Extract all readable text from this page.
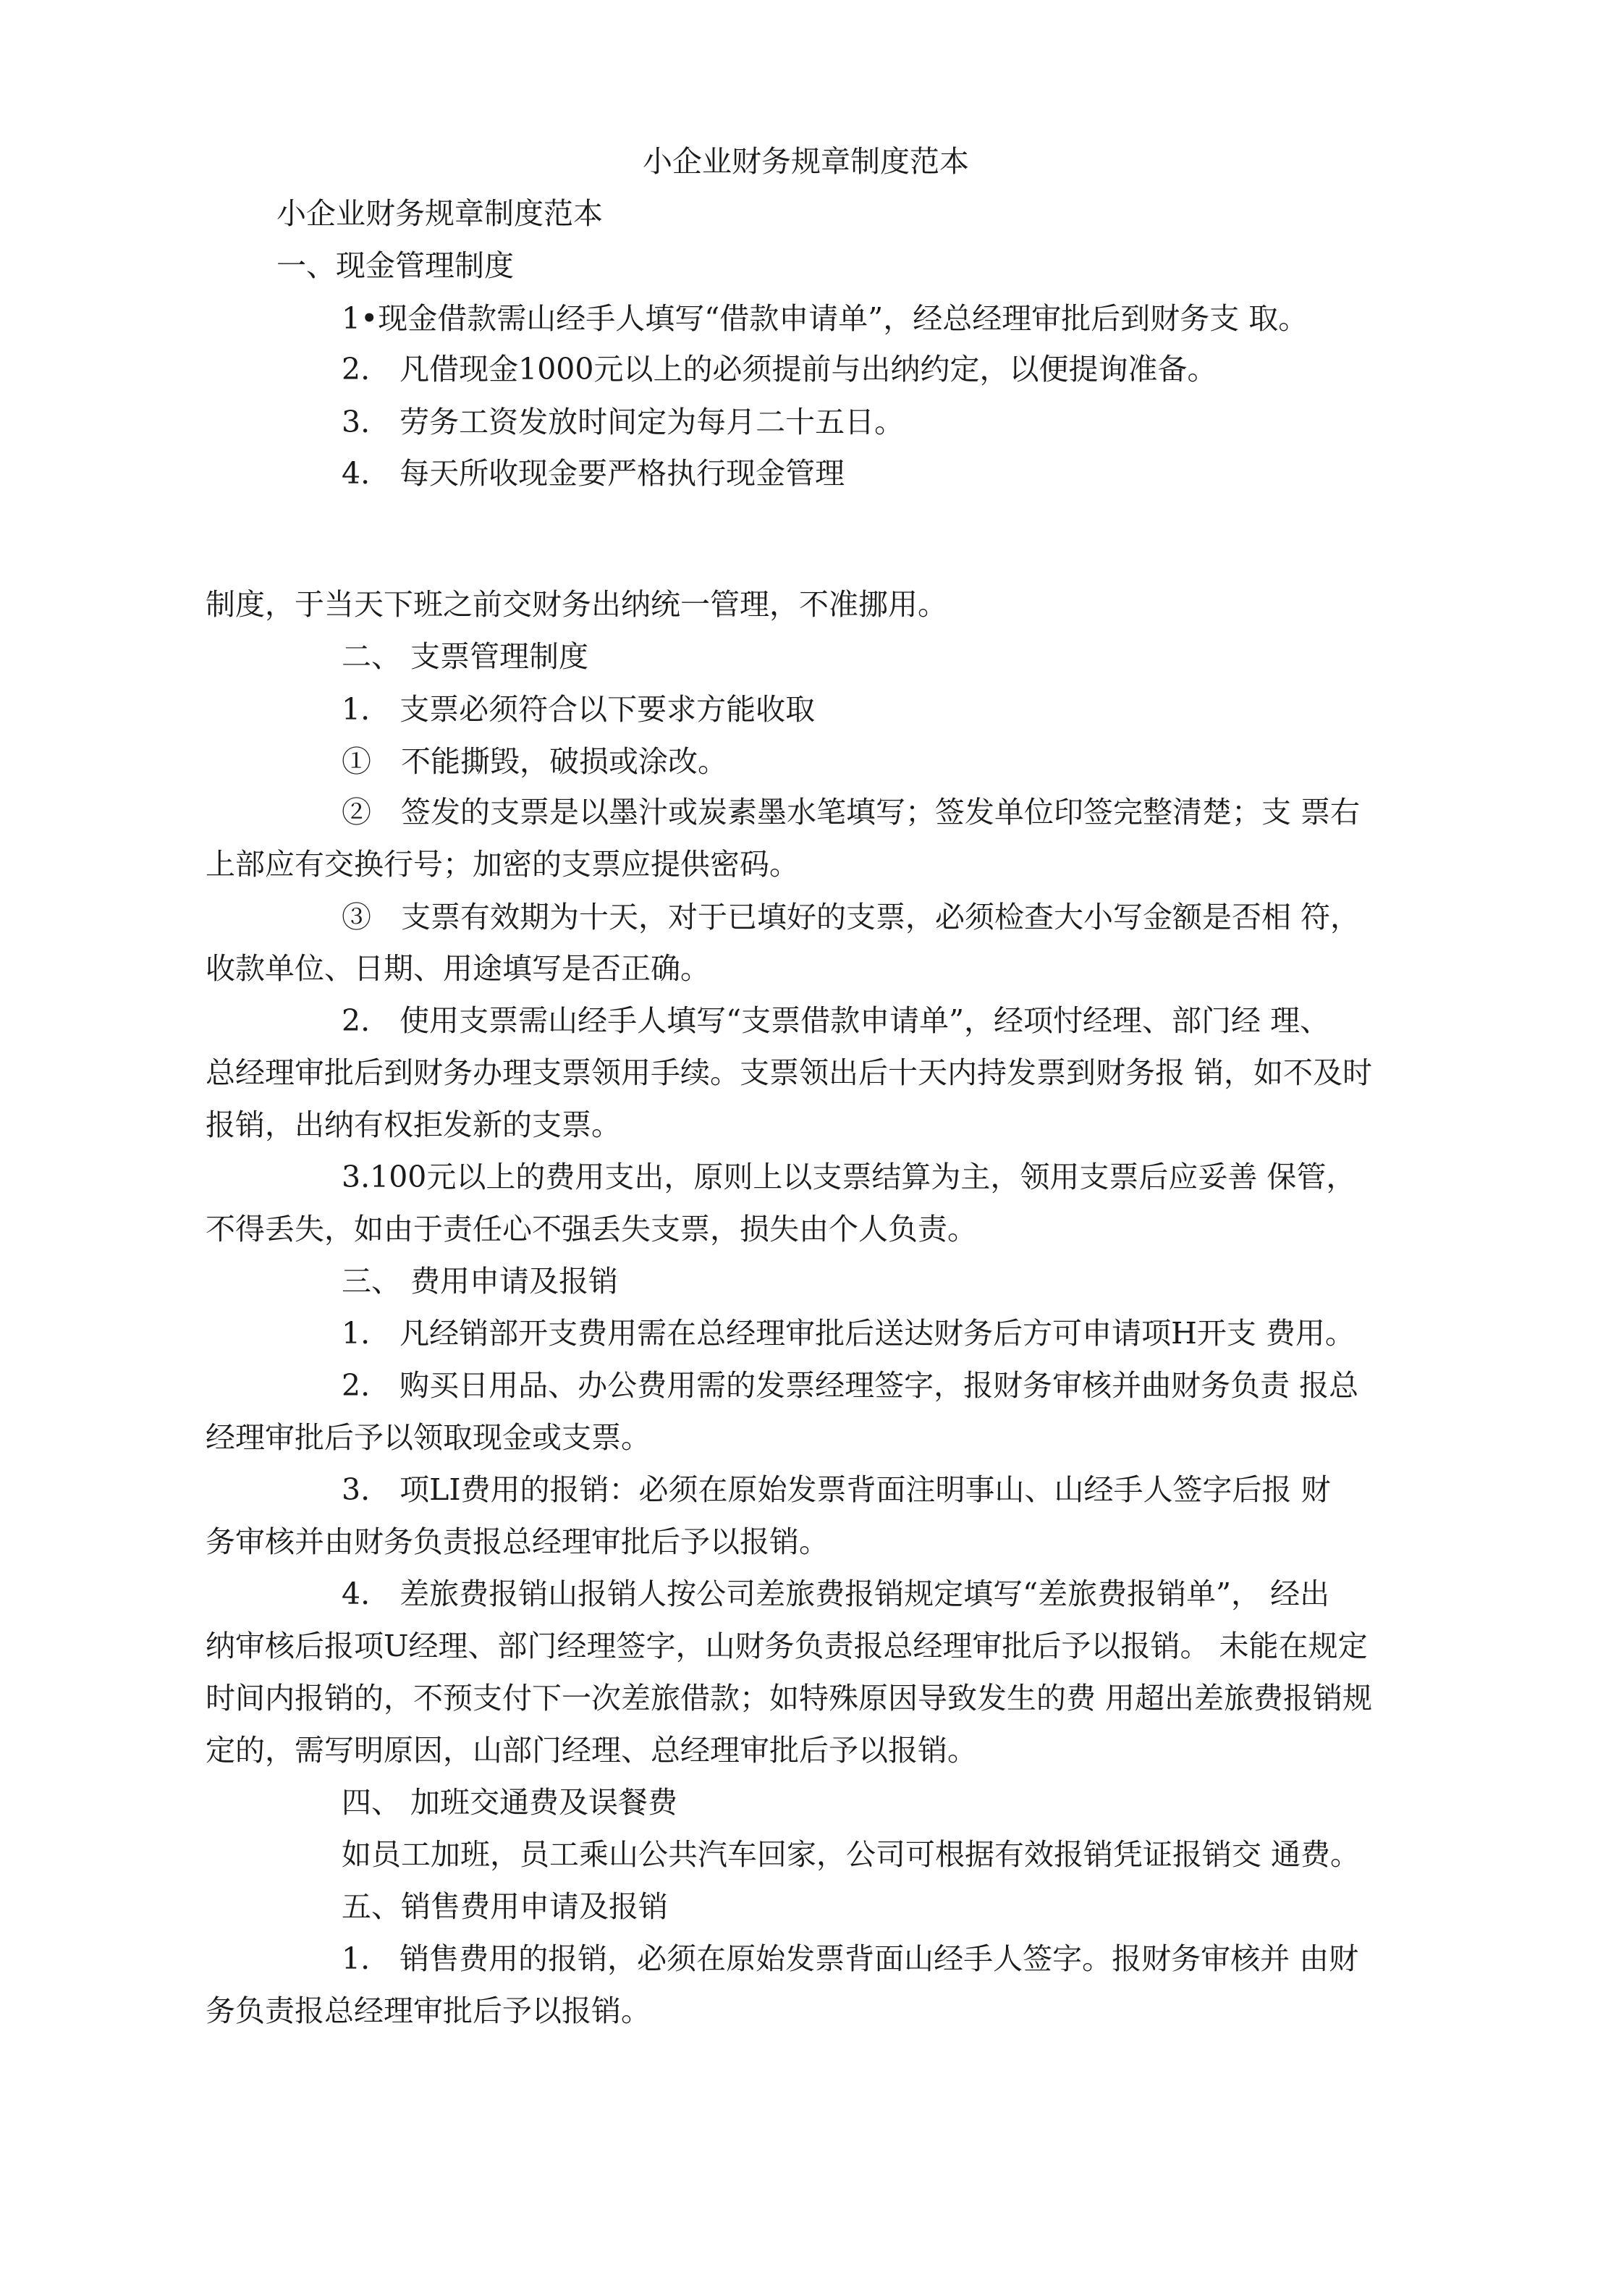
小企业财务规章制度范本
小企业财务规章制度范本
一、现金管理制度
1•现金借款需山经手人填写“借款申请单”，经总经理审批后到财务支 取。
2.　凡借现金1000元以上的必须提前与出纳约定，以便提询准备。
3.　劳务工资发放时间定为每月二十五日。
4.　每天所收现金要严格执行现金管理
制度，于当天下班之前交财务出纳统一管理，不准挪用。
二、 支票管理制度
1.　支票必须符合以下要求方能收取
①　不能撕毁，破损或涂改。
②　签发的支票是以墨汁或炭素墨水笔填写；签发单位印签完整清楚；支 票右
上部应有交换行号；加密的支票应提供密码。
③　支票有效期为十天，对于已填好的支票，必须检查大小写金额是否相 符，
收款单位、日期、用途填写是否正确。
2.　使用支票需山经手人填写“支票借款申请单”，经项忖经理、部门经 理、
总经理审批后到财务办理支票领用手续。支票领出后十天内持发票到财务报 销，如不及时
报销，出纳有权拒发新的支票。
3.100元以上的费用支出，原则上以支票结算为主，领用支票后应妥善 保管，
不得丢失，如由于责任心不强丢失支票，损失由个人负责。
三、 费用申请及报销
1.　凡经销部开支费用需在总经理审批后送达财务后方可申请项H开支 费用。
2.　购买日用品、办公费用需的发票经理签字，报财务审核并曲财务负责 报总
经理审批后予以领取现金或支票。
3.　项LI费用的报销：必须在原始发票背面注明事山、山经手人签字后报 财
务审核并由财务负责报总经理审批后予以报销。
4.　差旅费报销山报销人按公司差旅费报销规定填写“差旅费报销单”， 经出
纳审核后报项U经理、部门经理签字，山财务负责报总经理审批后予以报销。 未能在规定
时间内报销的，不预支付下一次差旅借款；如特殊原因导致发生的费 用超出差旅费报销规
定的，需写明原因，山部门经理、总经理审批后予以报销。
四、 加班交通费及误餐费
如员工加班，员工乘山公共汽车回家，公司可根据有效报销凭证报销交 通费。
五、销售费用申请及报销
1.　销售费用的报销，必须在原始发票背面山经手人签字。报财务审核并 由财
务负责报总经理审批后予以报销。
